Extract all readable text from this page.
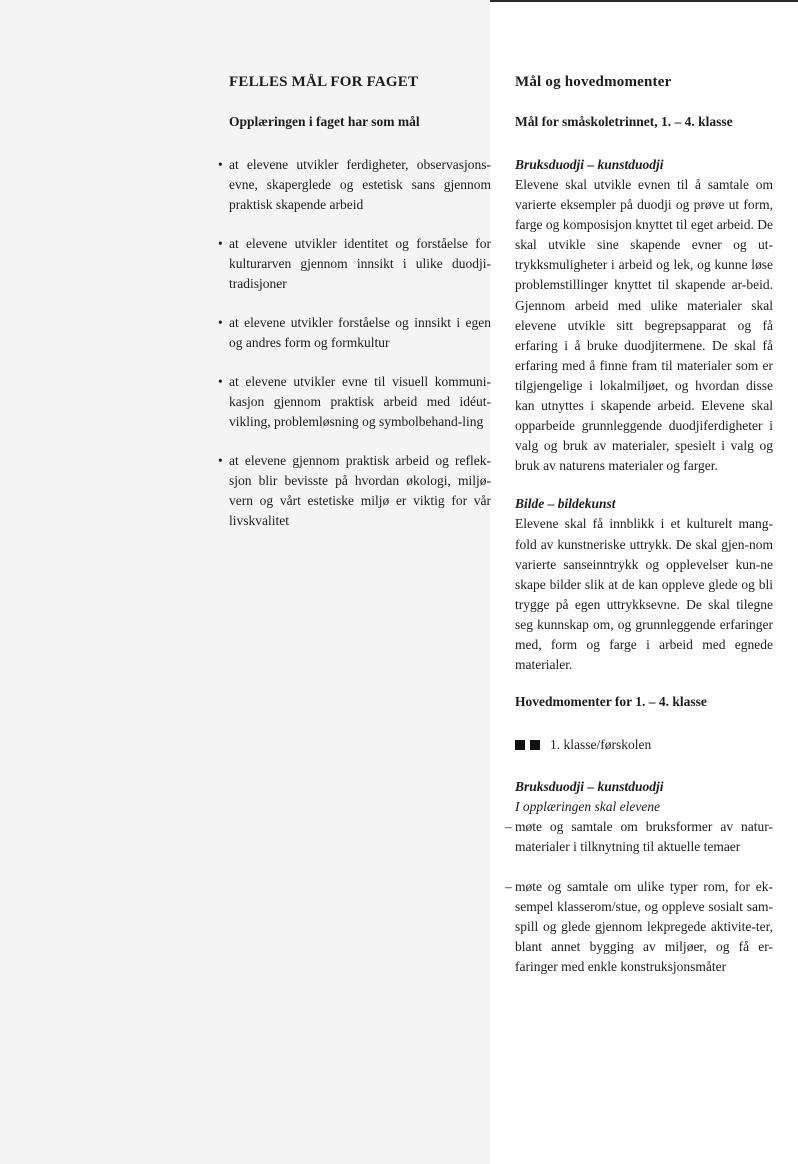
FELLES MÅL FOR FAGET
Opplæringen i faget har som mål
• at elevene utvikler ferdigheter, observasjons-evne, skaperglede og estetisk sans gjennom praktisk skapende arbeid
• at elevene utvikler identitet og forståelse for kulturarven gjennom innsikt i ulike duodji-tradisjoner
• at elevene utvikler forståelse og innsikt i egen og andres form og formkultur
• at elevene utvikler evne til visuell kommuni-kasjon gjennom praktisk arbeid med idéut-vikling, problemløsning og symbolbehand-ling
• at elevene gjennom praktisk arbeid og reflek-sjon blir bevisste på hvordan økologi, miljø-vern og vårt estetiske miljø er viktig for vår livskvalitet
Mål og hovedmomenter
Mål for småskoletrinnet, 1. – 4. klasse
Bruksduodji – kunstduodji

Elevene skal utvikle evnen til å samtale om varierte eksempler på duodji og prøve ut form, farge og komposisjon knyttet til eget arbeid. De skal utvikle sine skapende evner og ut-trykksmuligheter i arbeid og lek, og kunne løse problemstillinger knyttet til skapende ar-beid. Gjennom arbeid med ulike materialer skal elevene utvikle sitt begrepsapparat og få erfaring i å bruke duodjitermene. De skal få erfaring med å finne fram til materialer som er tilgjengelige i lokalmiljøet, og hvordan disse kan utnyttes i skapende arbeid. Elevene skal opparbeide grunnleggende duodjiferdigheter i valg og bruk av materialer, spesielt i valg og bruk av naturens materialer og farger.

Bilde – bildekunst

Elevene skal få innblikk i et kulturelt mang-fold av kunstneriske uttrykk. De skal gjen-nom varierte sanseinntrykk og opplevelser kun-ne skape bilder slik at de kan oppleve glede og bli trygge på egen uttrykksevne. De skal tilegne seg kunnskap om, og grunnleggende erfaringer med, form og farge i arbeid med egnede materialer.

Hovedmomenter for 1. – 4. klasse
1. klasse/førskolen
Bruksduodji – kunstduodji
I opplæringen skal elevene
– møte og samtale om bruksformer av natur-materialer i tilknytning til aktuelle temaer
– møte og samtale om ulike typer rom, for ek-sempel klasserom/stue, og oppleve sosialt sam-spill og glede gjennom lekpregede aktivite-ter, blant annet bygging av miljøer, og få er-faringer med enkle konstruksjonsmåter
